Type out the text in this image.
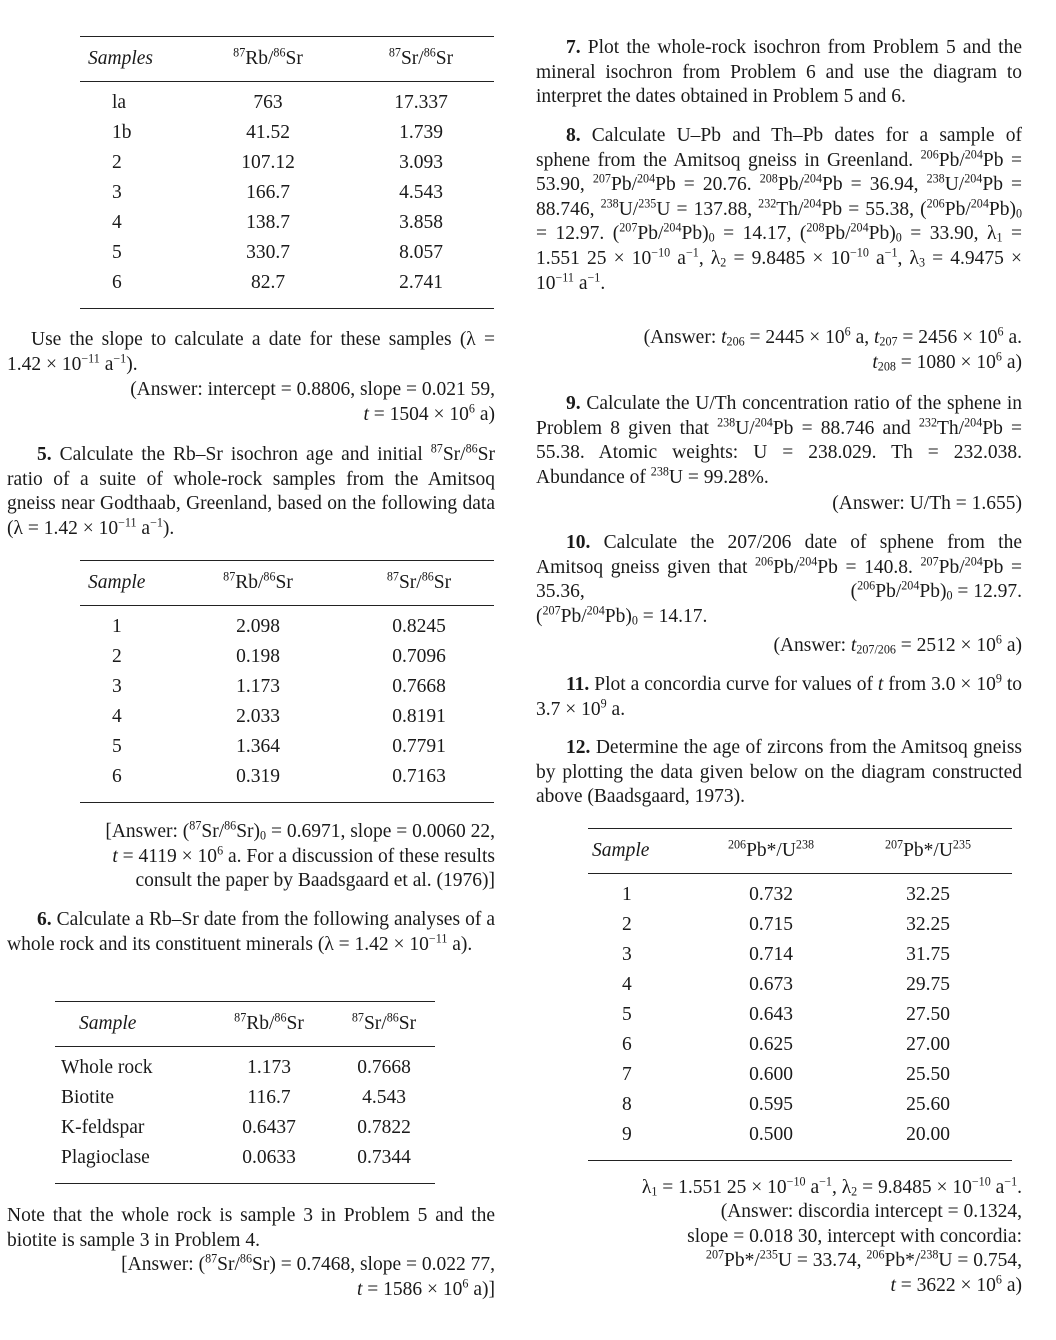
Samples	$^{87}$Rb/$^{86}$Sr	$^{87}$Sr/$^{86}$Sr
la	763	17.337
1b	41.52	1.739
2	107.12	3.093
3	166.7	4.543
4	138.7	3.858
5	330.7	8.057
6	82.7	2.741
Use the slope to calculate a date for these samples ($\lambda = 1.42 \times 10^{-11}$ $a^{-1}$).
(Answer: intercept = 0.8806, slope = 0.021 59,
$t = 1504 \times 10^6$ a)
5. Calculate the Rb–Sr isochron age and initial $^{87}$Sr/$^{86}$Sr ratio of a suite of whole-rock samples from the Amitsoq gneiss near Godthaab, Greenland, based on the following data ($\lambda = 1.42 \times 10^{-11}$ $a^{-1}$).
Sample	$^{87}$Rb/$^{86}$Sr	$^{87}$Sr/$^{86}$Sr
1	2.098	0.8245
2	0.198	0.7096
3	1.173	0.7668
4	2.033	0.8191
5	1.364	0.7791
6	0.319	0.7163
[Answer: $(^{87}Sr/^{86}Sr)_0 = 0.6971$, slope = 0.0060 22,
$t = 4119 \times 10^6$ a. For a discussion of these results
consult the paper by Baadsgaard et al. (1976)]
6. Calculate a Rb–Sr date from the following analyses of a whole rock and its constituent minerals ($\lambda = 1.42 \times 10^{-11}$ a).
Sample	$^{87}$Rb/$^{86}$Sr	$^{87}$Sr/$^{86}$Sr
Whole rock	1.173	0.7668
Biotite	116.7	4.543
K-feldspar	0.6437	0.7822
Plagioclase	0.0633	0.7344
Note that the whole rock is sample 3 in Problem 5 and the biotite is sample 3 in Problem 4.
[Answer: ($^{87}$Sr/$^{86}$Sr) = 0.7468, slope = 0.022 77,
$t = 1586 \times 10^6$ a)]
7. Plot the whole-rock isochron from Problem 5 and the mineral isochron from Problem 6 and use the diagram to interpret the dates obtained in Problem 5 and 6.
8. Calculate U–Pb and Th–Pb dates for a sample of sphene from the Amitsoq gneiss in Greenland. $^{206}$Pb/$^{204}$Pb = 53.90, $^{207}$Pb/$^{204}$Pb = 20.76. $^{208}$Pb/$^{204}$Pb = 36.94, $^{238}$U/$^{204}$Pb = 88.746, $^{238}$U/$^{235}$U = 137.88, $^{232}$Th/$^{204}$Pb = 55.38, $(^{206}Pb/^{204}Pb)_0 = 12.97$. $(^{207}Pb/^{204}Pb)_0 = 14.17$, $(^{208}Pb/^{204}Pb)_0 = 33.90$, $\lambda_1 = 1.551$ $25 \times 10^{-10}$ $a^{-1}$, $\lambda_2 = 9.8485 \times 10^{-10}$ $a^{-1}$, $\lambda_3 = 4.9475 \times 10^{-11}$ $a^{-1}$.
(Answer: $t_{206} = 2445 \times 10^6$ a, $t_{207} = 2456 \times 10^6$ a.
$t_{208} = 1080 \times 10^6$ a)
9. Calculate the U/Th concentration ratio of the sphene in Problem 8 given that $^{238}$U/$^{204}$Pb = 88.746 and $^{232}$Th/$^{204}$Pb = 55.38. Atomic weights: U = 238.029. Th = 232.038. Abundance of $^{238}$U = 99.28%.
(Answer: U/Th = 1.655)
10. Calculate the 207/206 date of sphene from the Amitsoq gneiss given that $^{206}$Pb/$^{204}$Pb = 140.8. $^{207}$Pb/$^{204}$Pb = 35.36,	$(^{206}Pb/^{204}Pb)_0 = 12.97$.

$(^{207}Pb/^{204}Pb)_0 = 14.17$.
(Answer: $t_{207/206} = 2512 \times 10^6$ a)
11. Plot a concordia curve for values of t from $3.0 \times 10^9$ to $3.7 \times 10^9$ a.
12. Determine the age of zircons from the Amitsoq gneiss by plotting the data given below on the diagram constructed above (Baadsgaard, 1973).
Sample	$^{206}Pb*/U^{238}$	$^{207}Pb*/U^{235}$
1	0.732	32.25
2	0.715	32.25
3	0.714	31.75
4	0.673	29.75
5	0.643	27.50
6	0.625	27.00
7	0.600	25.50
8	0.595	25.60
9	0.500	20.00
$\lambda_1 = 1.551$ $25 \times 10^{-10}$ $a^{-1}$, $\lambda_2 = 9.8485 \times 10^{-10}$ $a^{-1}$.
(Answer: discordia intercept = 0.1324,
slope = 0.018 30, intercept with concordia:
$^{207}$Pb*/$^{235}$U = 33.74, $^{206}$Pb*/$^{238}$U = 0.754,
$t = 3622 \times 10^6$ a)
